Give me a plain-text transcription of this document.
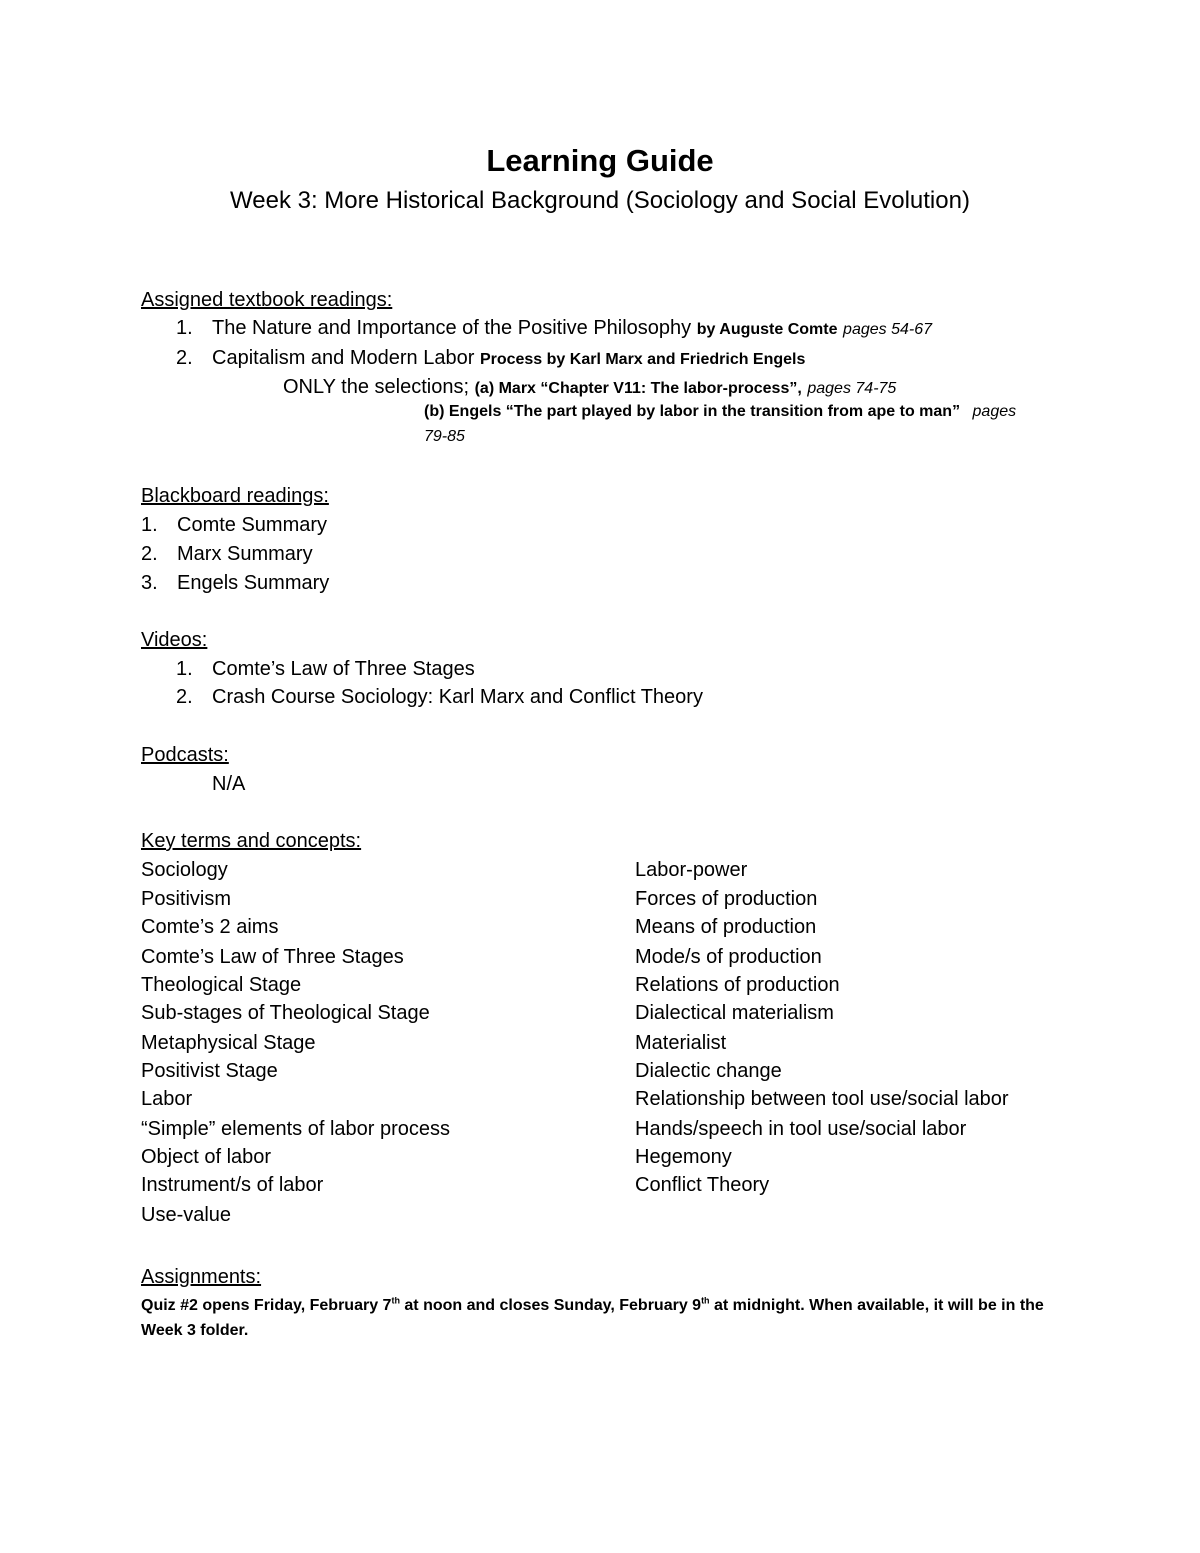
Learning Guide
Week 3: More Historical Background (Sociology and Social Evolution)
Assigned textbook readings:
1. The Nature and Importance of the Positive Philosophy by Auguste Comte pages 54-67
2. Capitalism and Modern Labor Process by Karl Marx and Friedrich Engels
ONLY the selections; (a) Marx “Chapter V11: The labor-process”, pages 74-75
(b) Engels “The part played by labor in the transition from ape to man” pages
79-85
Blackboard readings:
1. Comte Summary
2. Marx Summary
3. Engels Summary
Videos:
1. Comte’s Law of Three Stages
2. Crash Course Sociology: Karl Marx and Conflict Theory
Podcasts:
N/A
Key terms and concepts:
Sociology
Positivism
Comte’s 2 aims
Comte’s Law of Three Stages
Theological Stage
Sub-stages of Theological Stage
Metaphysical Stage
Positivist Stage
Labor
“Simple” elements of labor process
Object of labor
Instrument/s of labor
Use-value
Labor-power
Forces of production
Means of production
Mode/s of production
Relations of production
Dialectical materialism
Materialist
Dialectic change
Relationship between tool use/social labor
Hands/speech in tool use/social labor
Hegemony
Conflict Theory
Assignments:
Quiz #2 opens Friday, February 7th at noon and closes Sunday, February 9th at midnight. When available, it will be in the Week 3 folder.
